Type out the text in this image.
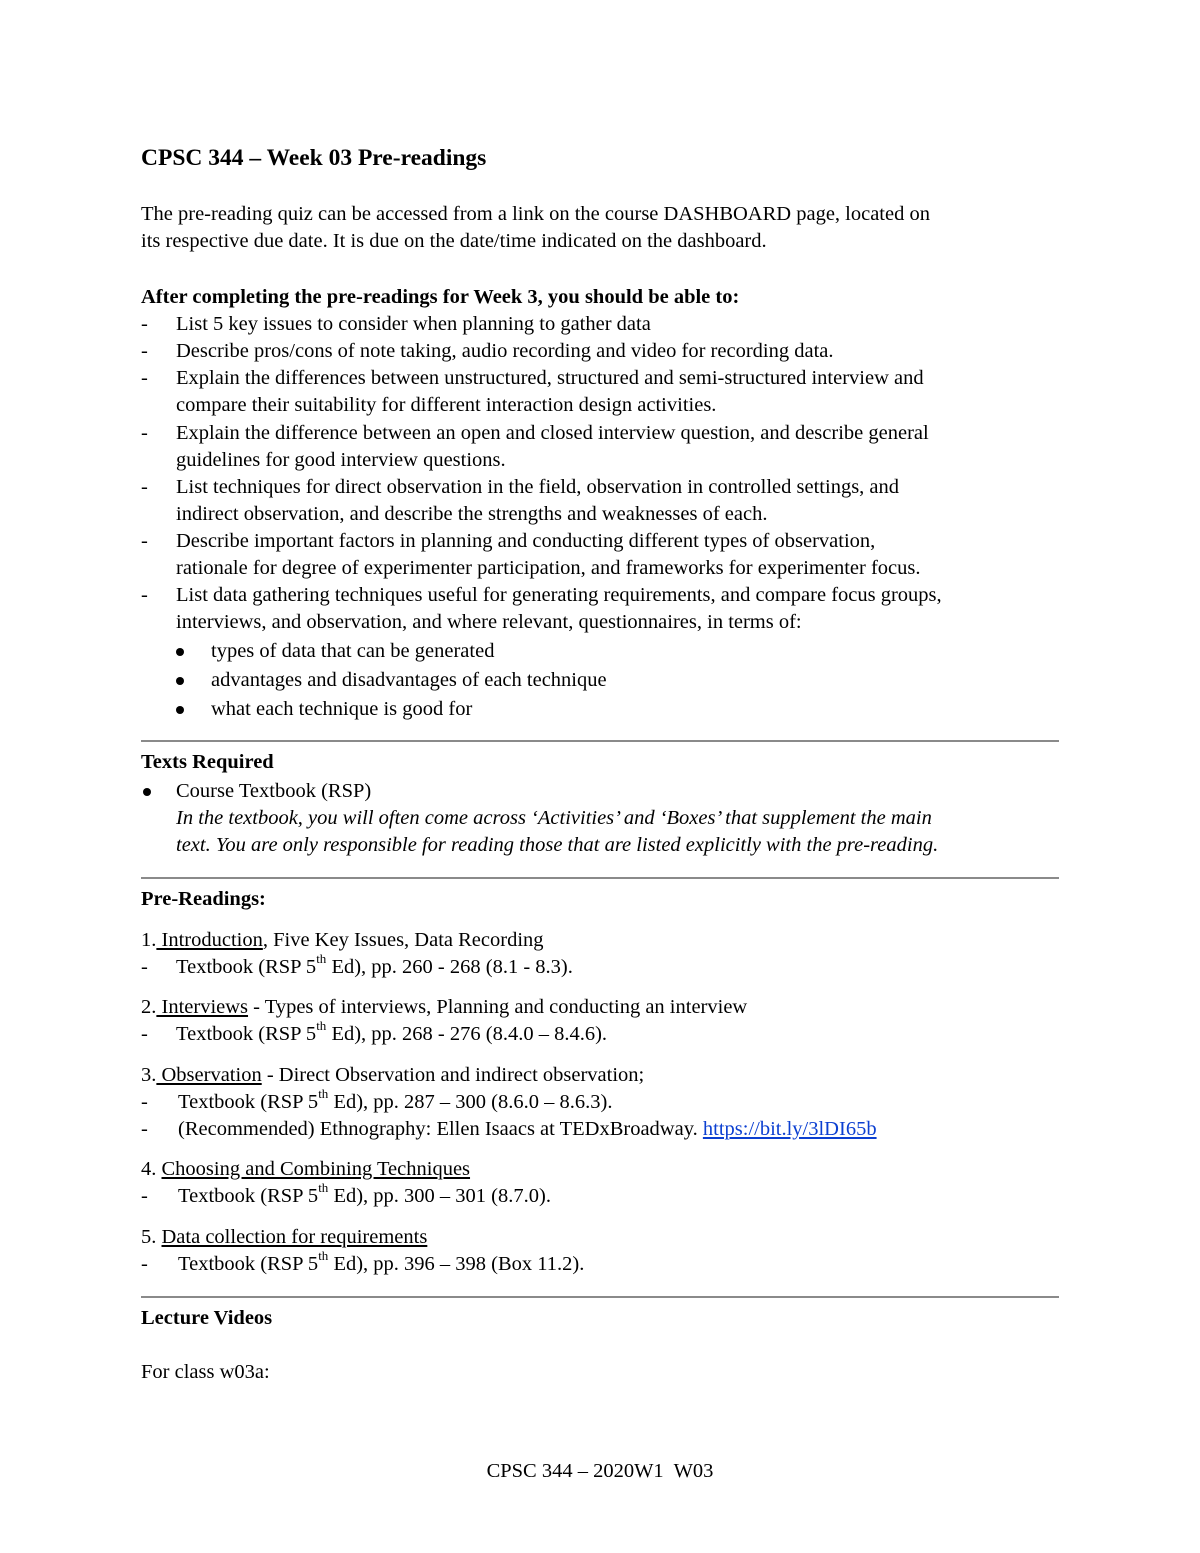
CPSC 344 – Week 03 Pre-readings
The pre-reading quiz can be accessed from a link on the course DASHBOARD page, located on
its respective due date. It is due on the date/time indicated on the dashboard.
After completing the pre-readings for Week 3, you should be able to:
- List 5 key issues to consider when planning to gather data
- Describe pros/cons of note taking, audio recording and video for recording data.
- Explain the differences between unstructured, structured and semi-structured interview and
compare their suitability for different interaction design activities.
- Explain the difference between an open and closed interview question, and describe general
guidelines for good interview questions.
- List techniques for direct observation in the field, observation in controlled settings, and
indirect observation, and describe the strengths and weaknesses of each.
- Describe important factors in planning and conducting different types of observation,
rationale for degree of experimenter participation, and frameworks for experimenter focus.
- List data gathering techniques useful for generating requirements, and compare focus groups,
interviews, and observation, and where relevant, questionnaires, in terms of:
types of data that can be generated
advantages and disadvantages of each technique
what each technique is good for
Texts Required
Course Textbook (RSP)
In the textbook, you will often come across ‘Activities’ and ‘Boxes’ that supplement the main
text. You are only responsible for reading those that are listed explicitly with the pre-reading.
Pre-Readings:
1. Introduction, Five Key Issues, Data Recording
- Textbook (RSP 5th Ed), pp. 260 - 268 (8.1 - 8.3).
2. Interviews - Types of interviews, Planning and conducting an interview
- Textbook (RSP 5th Ed), pp. 268 - 276 (8.4.0 – 8.4.6).
3. Observation - Direct Observation and indirect observation;
- Textbook (RSP 5th Ed), pp. 287 – 300 (8.6.0 – 8.6.3).
- (Recommended) Ethnography: Ellen Isaacs at TEDxBroadway. https://bit.ly/3lDI65b
4. Choosing and Combining Techniques
- Textbook (RSP 5th Ed), pp. 300 – 301 (8.7.0).
5. Data collection for requirements
- Textbook (RSP 5th Ed), pp. 396 – 398 (Box 11.2).
Lecture Videos
For class w03a:
CPSC 344 – 2020W1  W03
